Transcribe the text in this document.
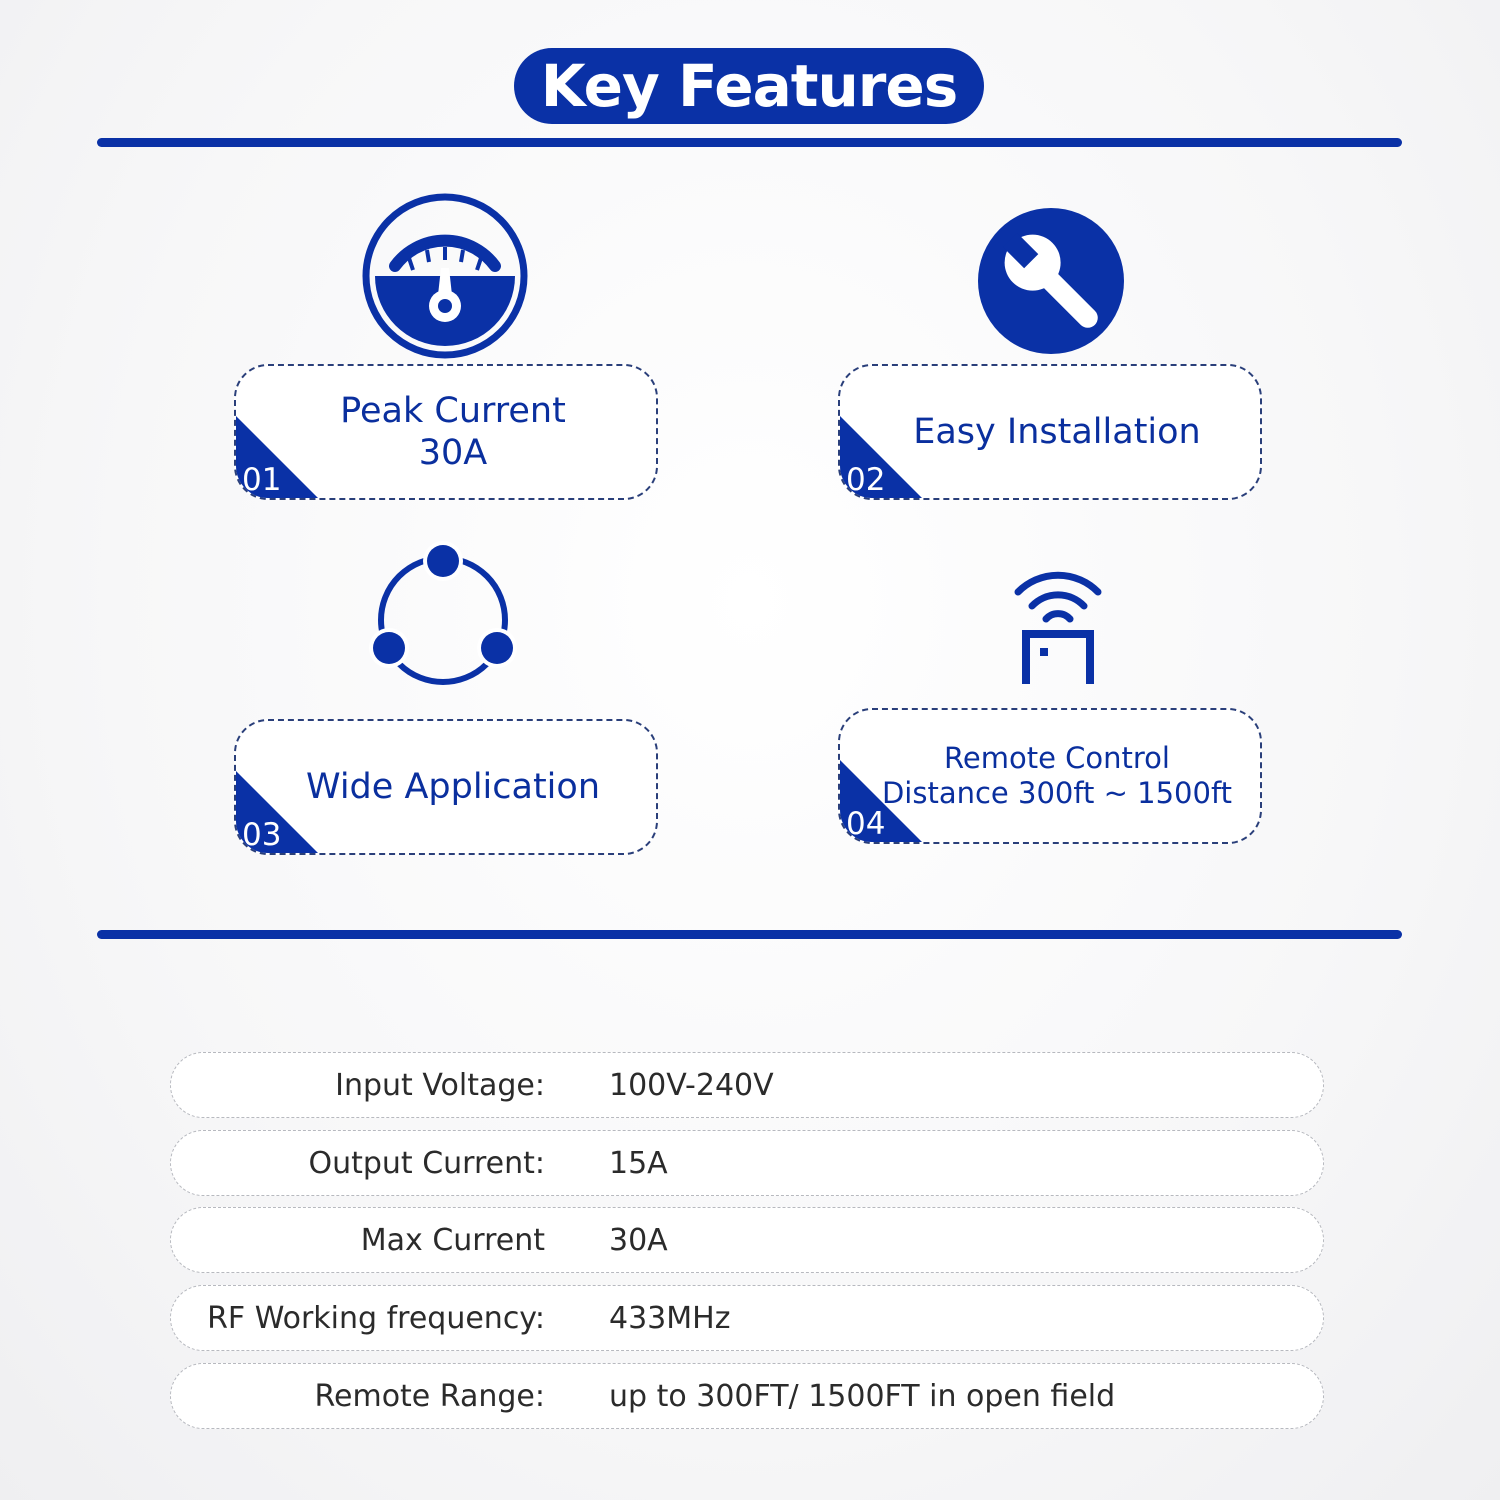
Key Features
Peak Current
30A
01
Easy Installation
02
Wide Application
03
Remote Control
Distance 300ft ~ 1500ft
04
Input Voltage: 100V-240V
Output Current: 15A
Max Current 30A
RF Working frequency: 433MHz
Remote Range: up to 300FT/ 1500FT in open field
